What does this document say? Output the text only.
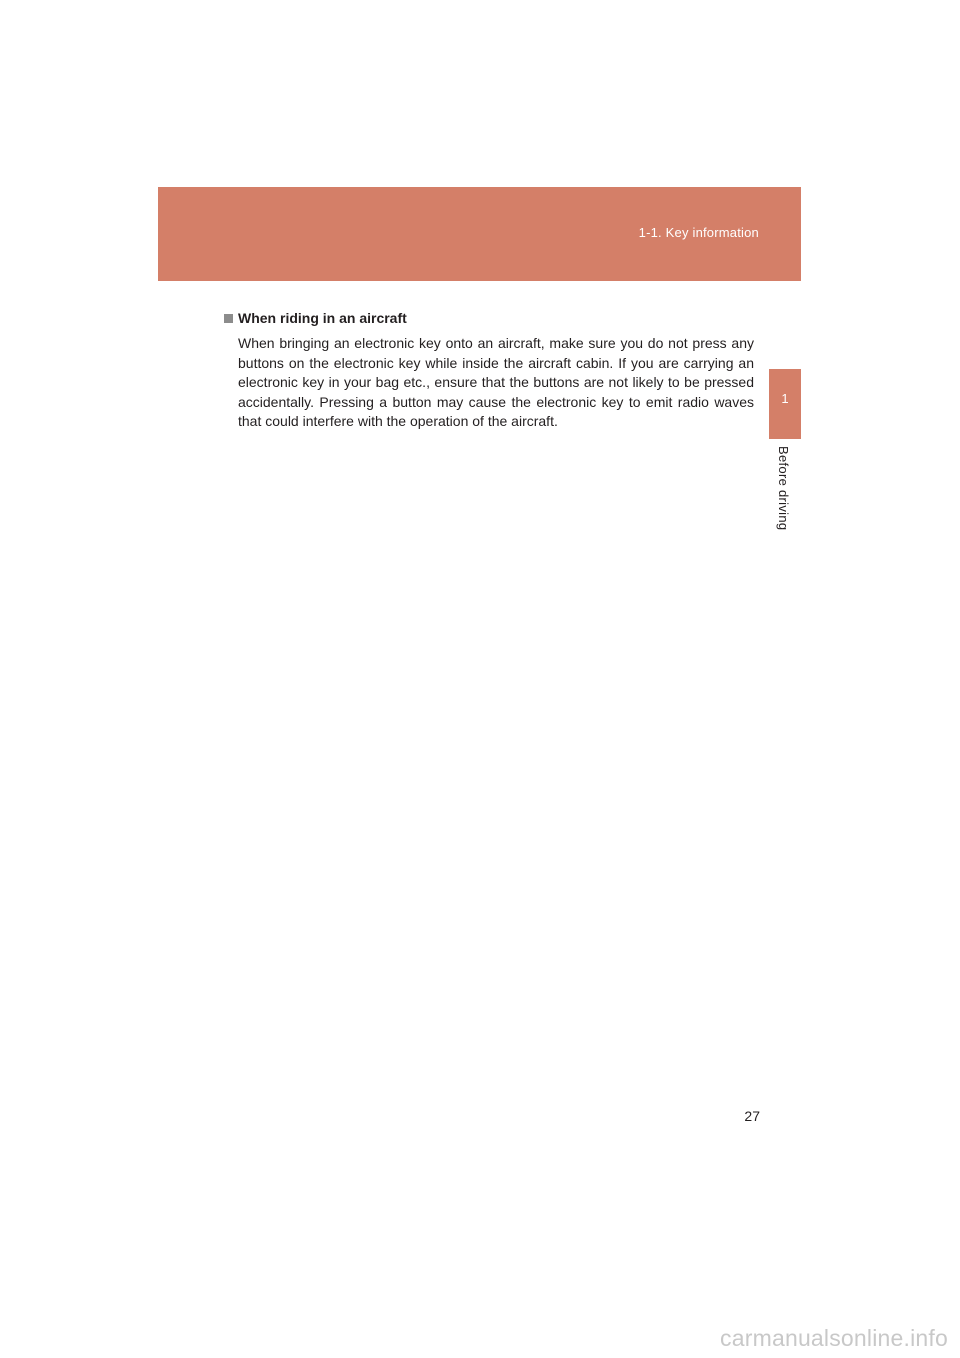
1-1. Key information
1
Before driving
When riding in an aircraft

When bringing an electronic key onto an aircraft, make sure you do not press any buttons on the electronic key while inside the aircraft cabin. If you are carrying an electronic key in your bag etc., ensure that the buttons are not likely to be pressed accidentally. Pressing a button may cause the electronic key to emit radio waves that could interfere with the operation of the aircraft.

27
carmanualsonline.info
